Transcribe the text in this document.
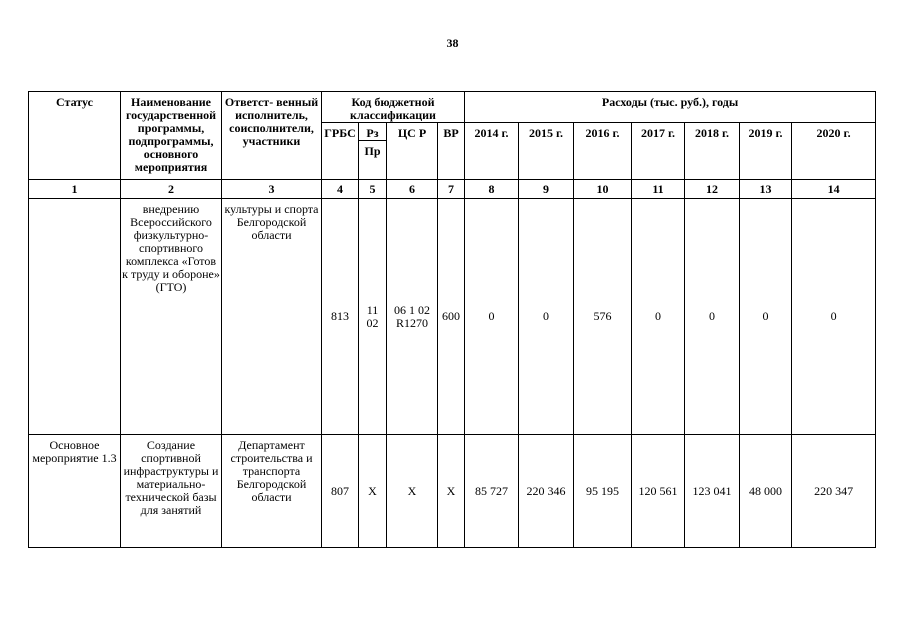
38
Статус	Наименование государственной программы, подпрограммы, основного мероприятия	Ответст- венный исполнитель, соисполнители, участники	Код бюджетной классификации				Расходы (тыс. руб.), годы						
			ГРБС	Рз	ЦС Р	ВР	2014 г.	2015 г.	2016 г.	2017 г.	2018 г.	2019 г.	2020 г.
				Пр									
1	2	3	4	5	6	7	8	9	10	11	12	13	14
	внедрению Всероссийского физкультурно-спортивного комплекса «Готов к труду и обороне» (ГТО)	культуры и спорта Белгородской области	813	11 02	06 1 02 R1270	600	0	0	576	0	0	0	0
Основное мероприятие 1.3	Создание спортивной инфраструктуры и материально-технической базы для занятий	Департамент строительства и транспорта Белгородской области	807	Х	Х	Х	85 727	220 346	95 195	120 561	123 041	48 000	220 347
